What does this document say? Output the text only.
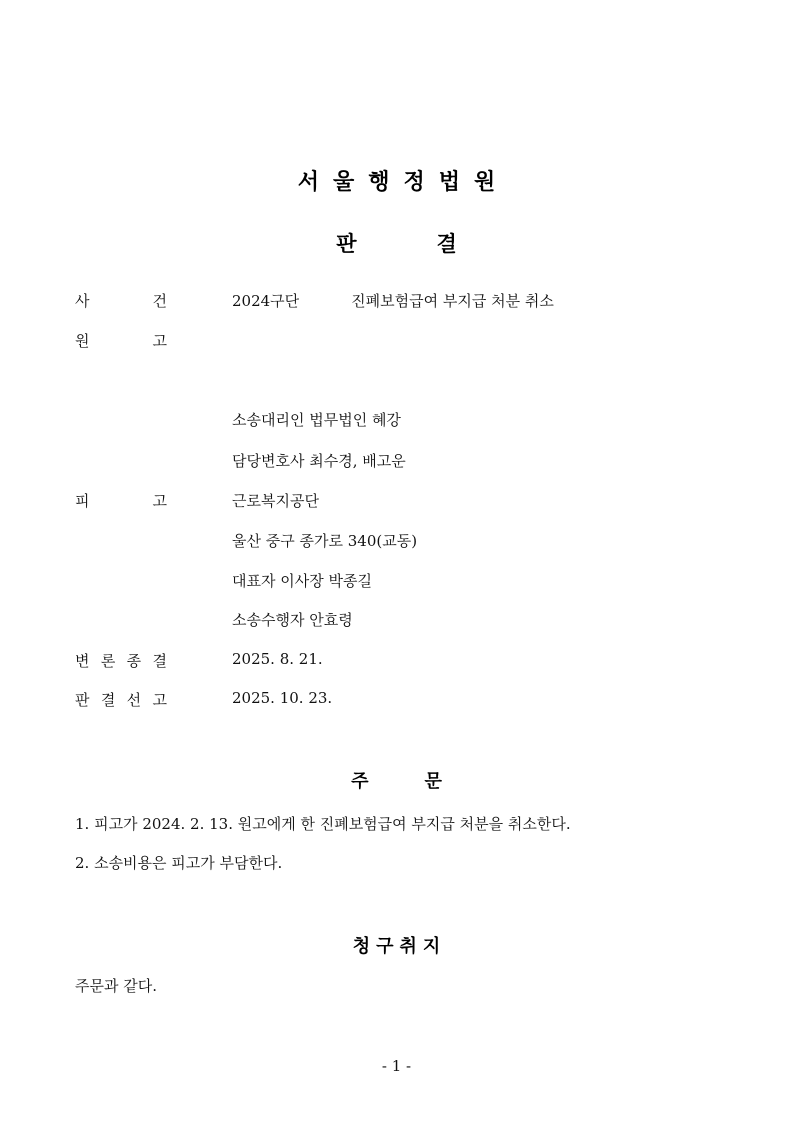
서울행정법원
판	결
사	건	2024구단	진폐보험급여 부지급 처분 취소
원	고
소송대리인 법무법인 혜강
담당변호사 최수경, 배고운
피	고	근로복지공단
울산 중구 종가로 340(교동)
대표자 이사장 박종길
소송수행자 안효령
변 론 종 결	2025. 8. 21.
판 결 선 고	2025. 10. 23.
주	문
1. 피고가 2024. 2. 13. 원고에게 한 진폐보험급여 부지급 처분을 취소한다.
2. 소송비용은 피고가 부담한다.
청구취지
주문과 같다.
- 1 -
